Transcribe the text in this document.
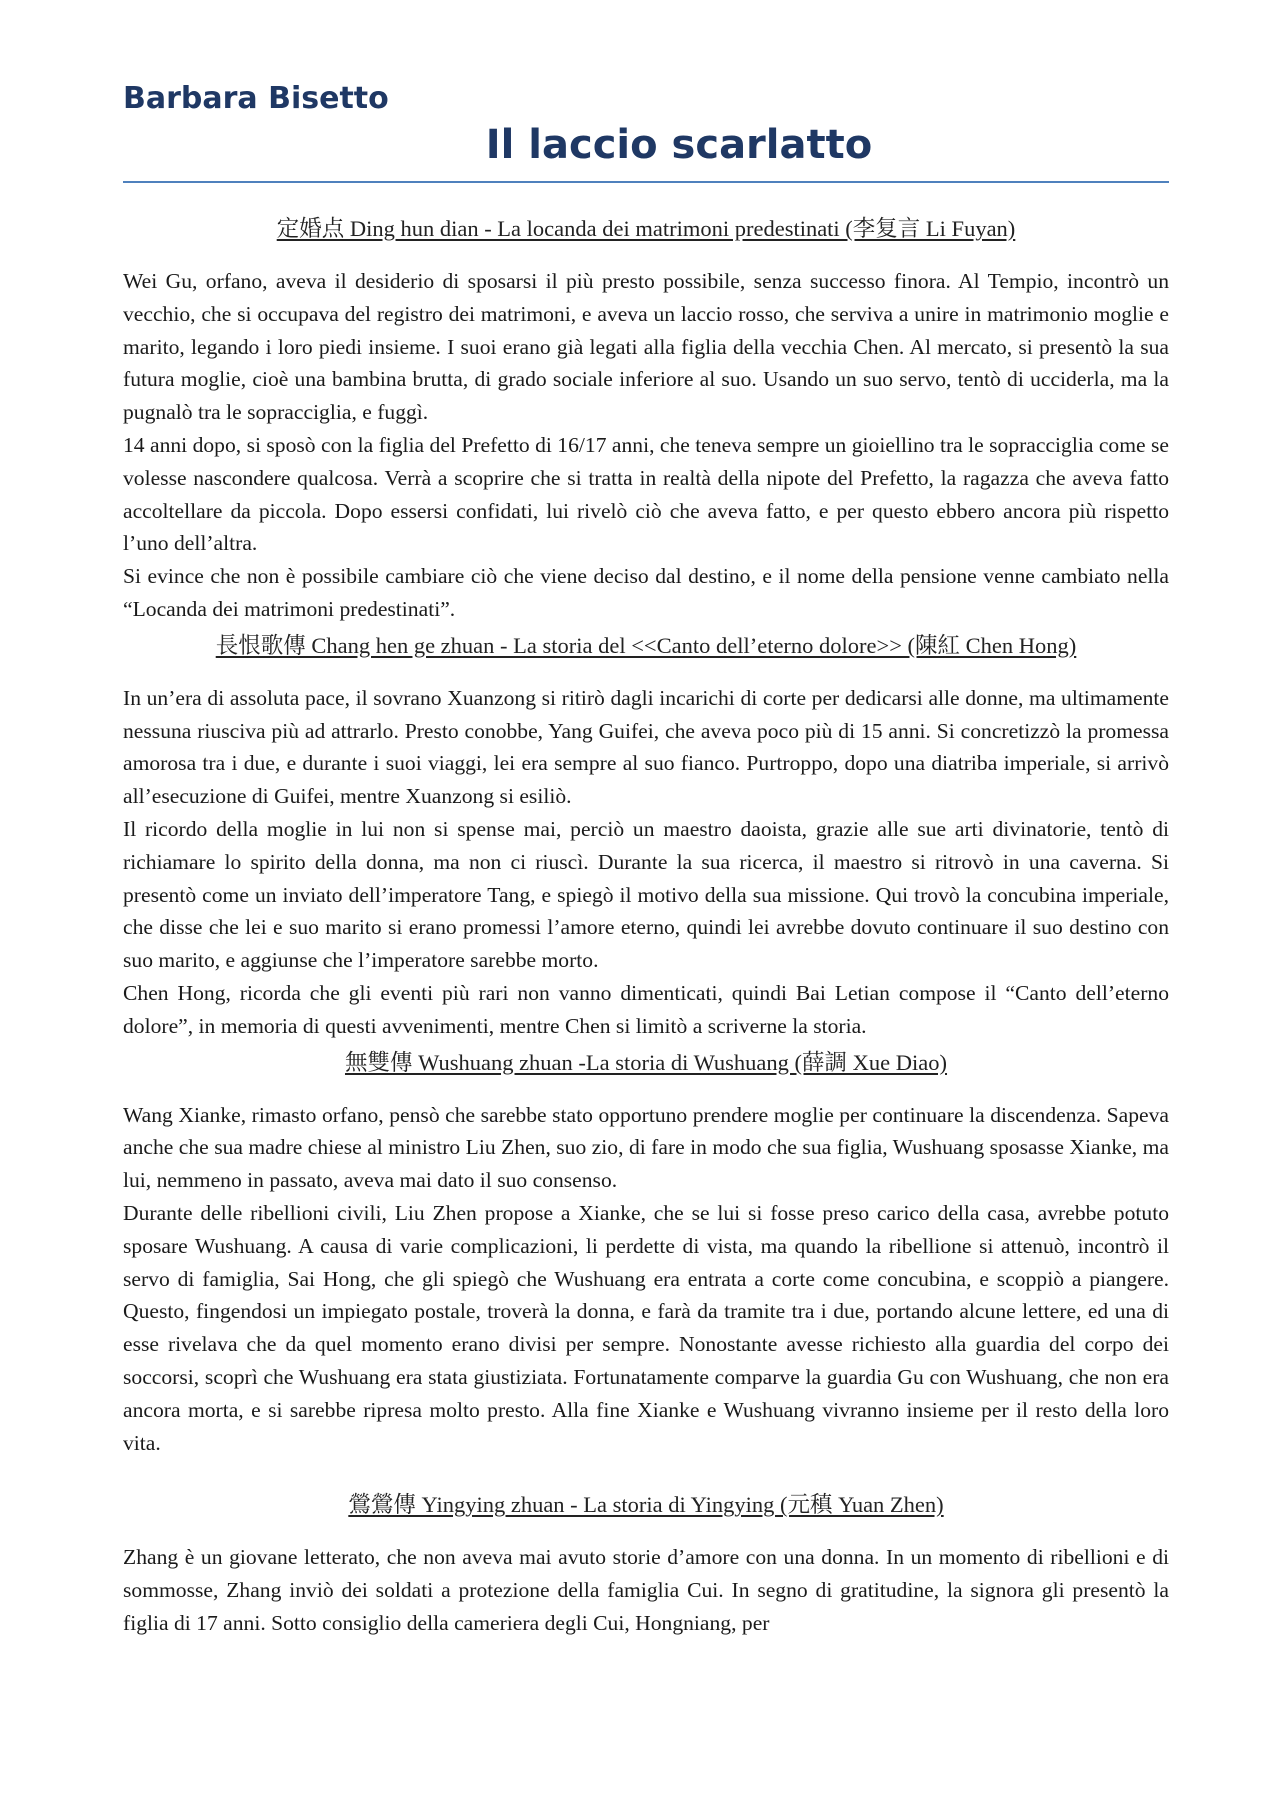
Barbara Bisetto
Il laccio scarlatto
定婚点 Ding hun dian - La locanda dei matrimoni predestinati (李复言 Li Fuyan)

Wei Gu, orfano, aveva il desiderio di sposarsi il più presto possibile, senza successo finora. Al Tempio, incontrò un vecchio, che si occupava del registro dei matrimoni, e aveva un laccio rosso, che serviva a unire in matrimonio moglie e marito, legando i loro piedi insieme. I suoi erano già legati alla figlia della vecchia Chen. Al mercato, si presentò la sua futura moglie, cioè una bambina brutta, di grado sociale inferiore al suo. Usando un suo servo, tentò di ucciderla, ma la pugnalò tra le sopracciglia, e fuggì.

14 anni dopo, si sposò con la figlia del Prefetto di 16/17 anni, che teneva sempre un gioiellino tra le sopracciglia come se volesse nascondere qualcosa. Verrà a scoprire che si tratta in realtà della nipote del Prefetto, la ragazza che aveva fatto accoltellare da piccola. Dopo essersi confidati, lui rivelò ciò che aveva fatto, e per questo ebbero ancora più rispetto l’uno dell’altra.

Si evince che non è possibile cambiare ciò che viene deciso dal destino, e il nome della pensione venne cambiato nella “Locanda dei matrimoni predestinati”.

長恨歌傳 Chang hen ge zhuan - La storia del <<Canto dell’eterno dolore>> (陳紅 Chen Hong)

In un’era di assoluta pace, il sovrano Xuanzong si ritirò dagli incarichi di corte per dedicarsi alle donne, ma ultimamente nessuna riusciva più ad attrarlo. Presto conobbe, Yang Guifei, che aveva poco più di 15 anni. Si concretizzò la promessa amorosa tra i due, e durante i suoi viaggi, lei era sempre al suo fianco. Purtroppo, dopo una diatriba imperiale, si arrivò all’esecuzione di Guifei, mentre Xuanzong si esiliò.

Il ricordo della moglie in lui non si spense mai, perciò un maestro daoista, grazie alle sue arti divinatorie, tentò di richiamare lo spirito della donna, ma non ci riuscì. Durante la sua ricerca, il maestro si ritrovò in una caverna. Si presentò come un inviato dell’imperatore Tang, e spiegò il motivo della sua missione. Qui trovò la concubina imperiale, che disse che lei e suo marito si erano promessi l’amore eterno, quindi lei avrebbe dovuto continuare il suo destino con suo marito, e aggiunse che l’imperatore sarebbe morto.

Chen Hong, ricorda che gli eventi più rari non vanno dimenticati, quindi Bai Letian compose il “Canto dell’eterno dolore”, in memoria di questi avvenimenti, mentre Chen si limitò a scriverne la storia.

無雙傳 Wushuang zhuan -La storia di Wushuang (薛調 Xue Diao)

Wang Xianke, rimasto orfano, pensò che sarebbe stato opportuno prendere moglie per continuare la discendenza. Sapeva anche che sua madre chiese al ministro Liu Zhen, suo zio, di fare in modo che sua figlia, Wushuang sposasse Xianke, ma lui, nemmeno in passato, aveva mai dato il suo consenso.

Durante delle ribellioni civili, Liu Zhen propose a Xianke, che se lui si fosse preso carico della casa, avrebbe potuto sposare Wushuang. A causa di varie complicazioni, li perdette di vista, ma quando la ribellione si attenuò, incontrò il servo di famiglia, Sai Hong, che gli spiegò che Wushuang era entrata a corte come concubina, e scoppiò a piangere. Questo, fingendosi un impiegato postale, troverà la donna, e farà da tramite tra i due, portando alcune lettere, ed una di esse rivelava che da quel momento erano divisi per sempre. Nonostante avesse richiesto alla guardia del corpo dei soccorsi, scoprì che Wushuang era stata giustiziata. Fortunatamente comparve la guardia Gu con Wushuang, che non era ancora morta, e si sarebbe ripresa molto presto. Alla fine Xianke e Wushuang vivranno insieme per il resto della loro vita.

鶯鶯傳 Yingying zhuan - La storia di Yingying (元稹 Yuan Zhen)

Zhang è un giovane letterato, che non aveva mai avuto storie d’amore con una donna. In un momento di ribellioni e di sommosse, Zhang inviò dei soldati a protezione della famiglia Cui. In segno di gratitudine, la signora gli presentò la figlia di 17 anni. Sotto consiglio della cameriera degli Cui, Hongniang, per
